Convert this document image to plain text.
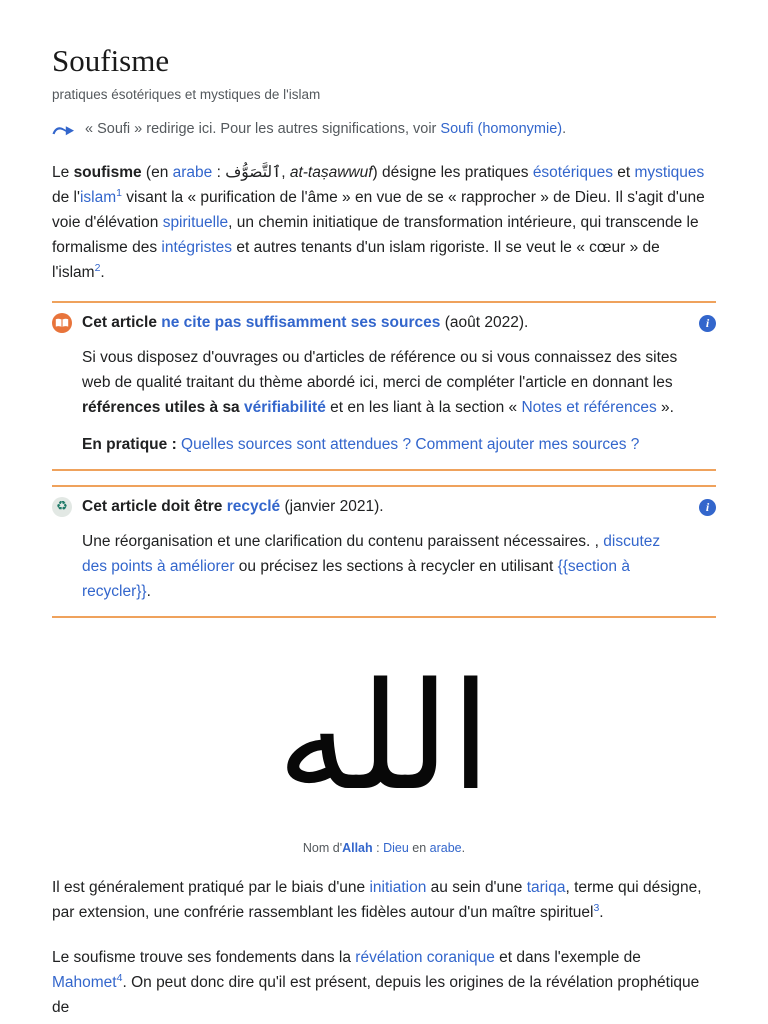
Soufisme
pratiques ésotériques et mystiques de l'islam
« Soufi » redirige ici. Pour les autres significations, voir Soufi (homonymie).

Le soufisme (en arabe : ٱلتَّصَوُّف, at-taṣawwuf) désigne les pratiques ésotériques et mystiques de l'islam$^1$ visant la « purification de l'âme » en vue de se « rapprocher » de Dieu. Il s'agit d'une voie d'élévation spirituelle, un chemin initiatique de transformation intérieure, qui transcende le formalisme des intégristes et autres tenants d'un islam rigoriste. Il se veut le « cœur » de l'islam$^2$.

Cet article ne cite pas suffisamment ses sources (août 2022).	i

Si vous disposez d'ouvrages ou d'articles de référence ou si vous connaissez des sites web de qualité traitant du thème abordé ici, merci de compléter l'article en donnant les références utiles à sa vérifiabilité et en les liant à la section « Notes et références ».

En pratique : Quelles sources sont attendues ? Comment ajouter mes sources ?

♻ Cet article doit être recyclé (janvier 2021).	i

Une réorganisation et une clarification du contenu paraissent nécessaires. , discutez des points à améliorer ou précisez les sections à recycler en utilisant {{section à recycler}}.

الله
Nom d'Allah : Dieu en arabe.

Il est généralement pratiqué par le biais d'une initiation au sein d'une tariqa, terme qui désigne, par extension, une confrérie rassemblant les fidèles autour d'un maître spirituel$^3$.

Le soufisme trouve ses fondements dans la révélation coranique et dans l'exemple de Mahomet$^4$. On peut donc dire qu'il est présent, depuis les origines de la révélation prophétique de
